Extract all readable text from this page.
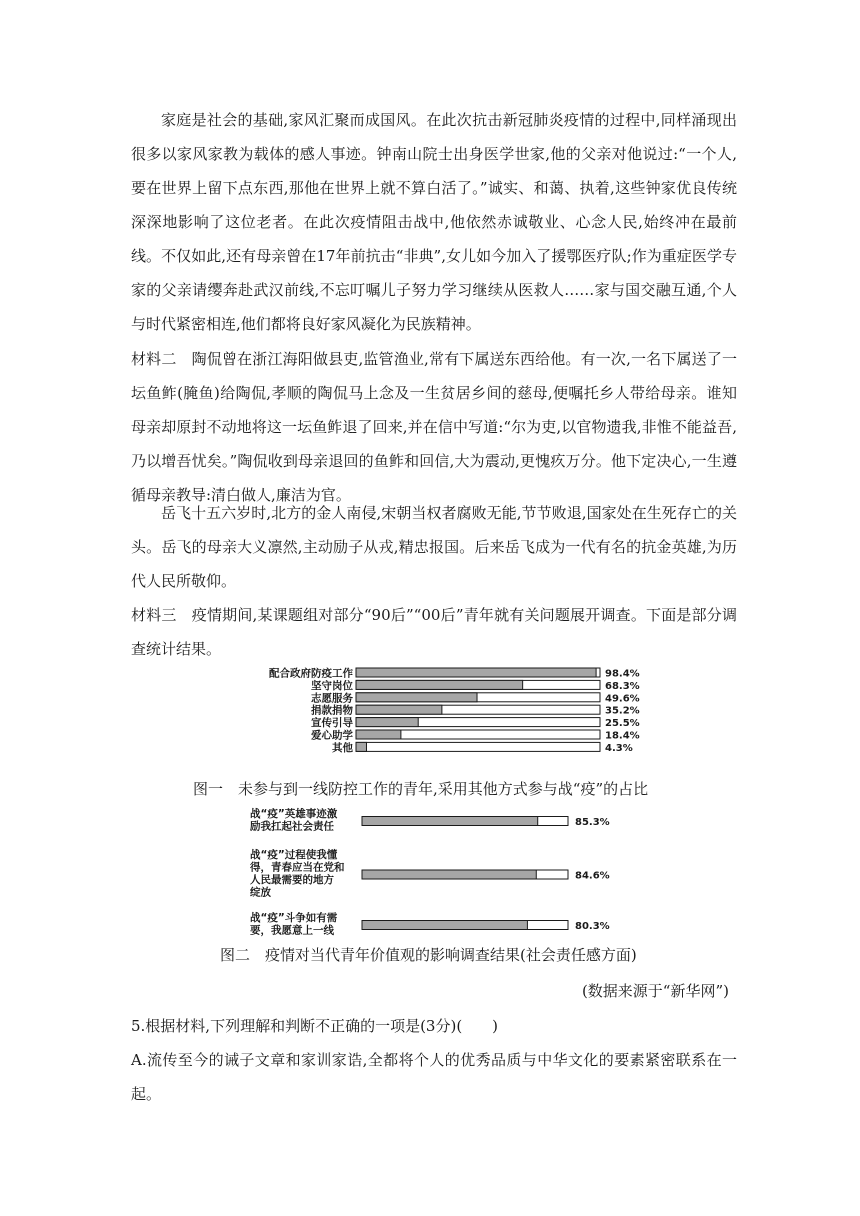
家庭是社会的基础,家风汇聚而成国风。在此次抗击新冠肺炎疫情的过程中,同样涌现出很多以家风家教为载体的感人事迹。钟南山院士出身医学世家,他的父亲对他说过:“一个人,要在世界上留下点东西,那他在世界上就不算白活了。”诚实、和蔼、执着,这些钟家优良传统深深地影响了这位老者。在此次疫情阻击战中,他依然赤诚敬业、心念人民,始终冲在最前线。不仅如此,还有母亲曾在17年前抗击“非典”,女儿如今加入了援鄂医疗队;作为重症医学专家的父亲请缨奔赴武汉前线,不忘叮嘱儿子努力学习继续从医救人……家与国交融互通,个人与时代紧密相连,他们都将良好家风凝化为民族精神。

材料二　陶侃曾在浙江海阳做县吏,监管渔业,常有下属送东西给他。有一次,一名下属送了一坛鱼鲊(腌鱼)给陶侃,孝顺的陶侃马上念及一生贫居乡间的慈母,便嘱托乡人带给母亲。谁知母亲却原封不动地将这一坛鱼鲊退了回来,并在信中写道:“尔为吏,以官物遗我,非惟不能益吾,乃以增吾忧矣。”陶侃收到母亲退回的鱼鲊和回信,大为震动,更愧疚万分。他下定决心,一生遵循母亲教导:清白做人,廉洁为官。

岳飞十五六岁时,北方的金人南侵,宋朝当权者腐败无能,节节败退,国家处在生死存亡的关头。岳飞的母亲大义凛然,主动励子从戎,精忠报国。后来岳飞成为一代有名的抗金英雄,为历代人民所敬仰。

材料三　疫情期间,某课题组对部分“90后”“00后”青年就有关问题展开调查。下面是部分调查统计结果。

配合政府防疫工作	98.4%
坚守岗位	68.3%
志愿服务	49.6%
捐款捐物	35.2%
宣传引导	25.5%
爱心助学	18.4%
其他	4.3%

图一　未参与到一线防控工作的青年,采用其他方式参与战“疫”的占比

战“疫”英雄事迹激
励我扛起社会责任	85.3%
战“疫”过程使我懂
得，青春应当在党和
人民最需要的地方
绽放
84.6%
战“疫”斗争如有需
要，我愿意上一线	80.3%

图二　疫情对当代青年价值观的影响调查结果(社会责任感方面)

(数据来源于“新华网”)

5.根据材料,下列理解和判断不正确的一项是(3分)(　　)

A.流传至今的诫子文章和家训家诰,全都将个人的优秀品质与中华文化的要素紧密联系在一起。
